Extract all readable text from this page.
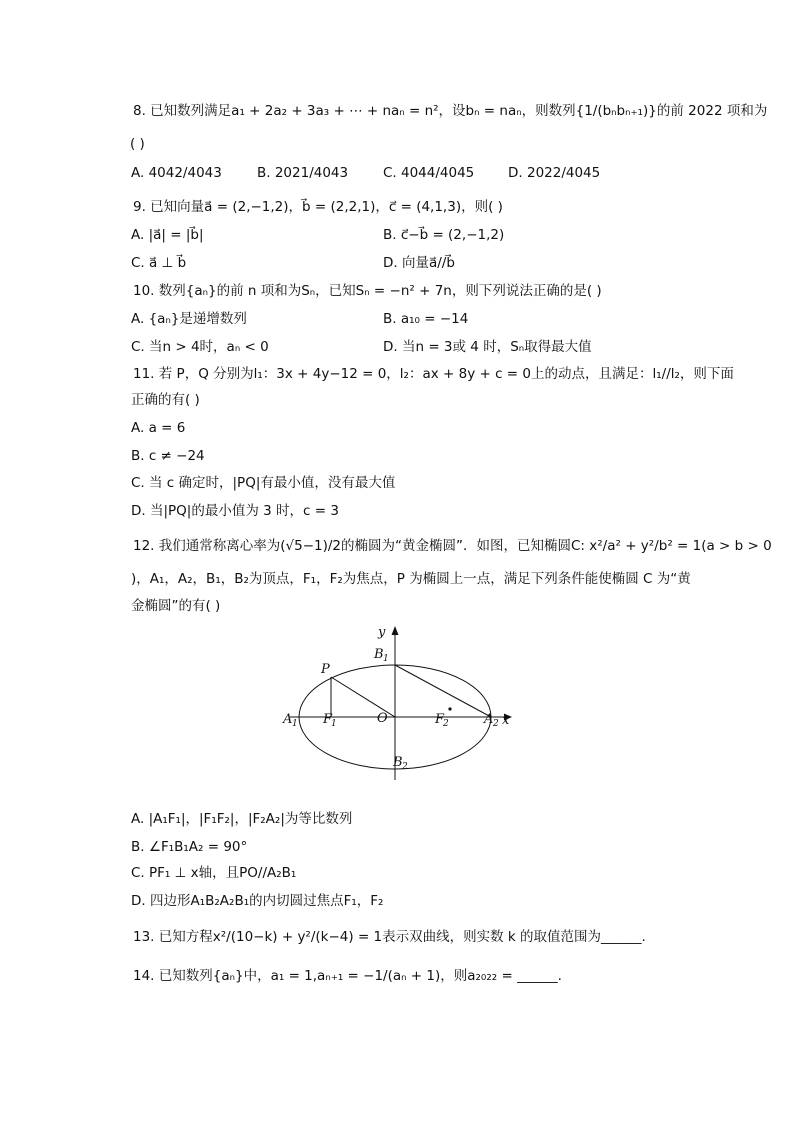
8. 已知数列满足a₁ + 2a₂ + 3a₃ + ⋯ + naₙ = n²，设bₙ = naₙ，则数列{1/(bₙbₙ₊₁)}的前 2022 项和为
( )
A. 4042/4043	B. 2021/4043	C. 4044/4045 D. 2022/4045
9. 已知向量a⃗ = (2,−1,2)，b⃗ = (2,2,1)，c⃗ = (4,1,3)，则( )
A. |a⃗| = |b⃗|	B. c⃗−b⃗ = (2,−1,2)
C. a⃗ ⊥ b⃗	D. 向量a⃗//b⃗
10. 数列{aₙ}的前 n 项和为Sₙ，已知Sₙ = −n² + 7n，则下列说法正确的是( )
A. {aₙ}是递增数列	B. a₁₀ = −14
C. 当n > 4时，aₙ < 0	D. 当n = 3或 4 时，Sₙ取得最大值
11. 若 P，Q 分别为l₁：3x + 4y−12 = 0，l₂：ax + 8y + c = 0上的动点，且满足：l₁//l₂，则下面
正确的有( )
A. a = 6
B. c ≠ −24
C. 当 c 确定时，|PQ|有最小值，没有最大值
D. 当|PQ|的最小值为 3 时，c = 3
12. 我们通常称离心率为(√5−1)/2的椭圆为“黄金椭圆”．如图，已知椭圆C: x²/a² + y²/b² = 1(a > b > 0
)，A₁，A₂，B₁，B₂为顶点，F₁，F₂为焦点，P 为椭圆上一点，满足下列条件能使椭圆 C 为“黄
金椭圆”的有( )
y
x
B 1
B 2
A 1	A 2
F
1	F
2
P
O
A. |A₁F₁|，|F₁F₂|，|F₂A₂|为等比数列
B. ∠F₁B₁A₂ = 90°
C. PF₁ ⊥ x轴，且PO//A₂B₁
D. 四边形A₁B₂A₂B₁的内切圆过焦点F₁，F₂
13. 已知方程x²/(10−k) + y²/(k−4) = 1表示双曲线，则实数 k 的取值范围为______.
14. 已知数列{aₙ}中，a₁ = 1,aₙ₊₁ = −1/(aₙ + 1)，则a₂₀₂₂ = ______.
